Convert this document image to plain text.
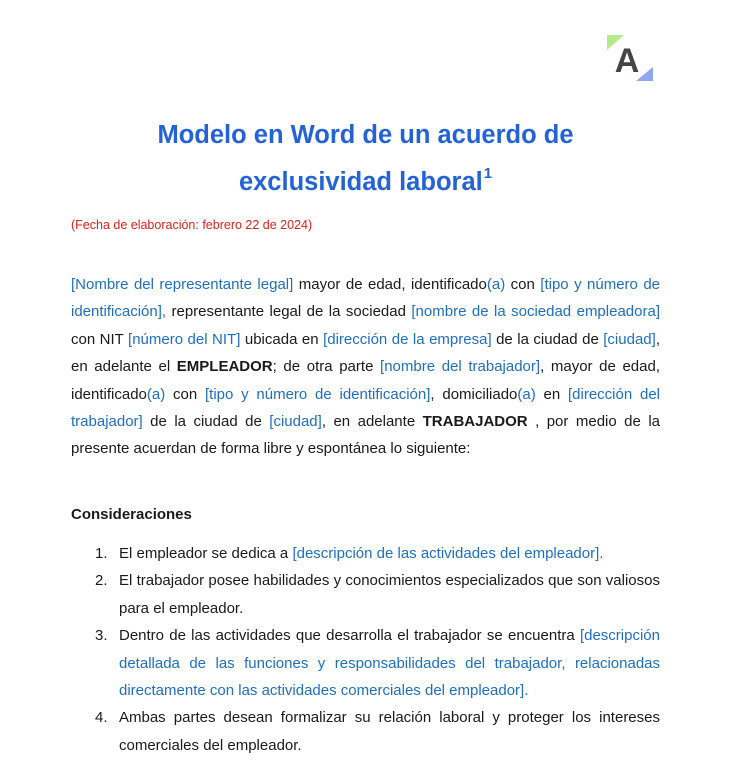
A
Modelo en Word de un acuerdo de
exclusividad laboral$^1$
(Fecha de elaboración: febrero 22 de 2024)

[Nombre del representante legal] mayor de edad, identificado(a) con [tipo y número de identificación], representante legal de la sociedad [nombre de la sociedad empleadora] con NIT [número del NIT] ubicada en [dirección de la empresa] de la ciudad de [ciudad], en adelante el EMPLEADOR; de otra parte [nombre del trabajador], mayor de edad, identificado(a) con [tipo y número de identificación], domiciliado(a) en [dirección del trabajador] de la ciudad de [ciudad], en adelante TRABAJADOR , por medio de la presente acuerdan de forma libre y espontánea lo siguiente:

Consideraciones
1. El empleador se dedica a [descripción de las actividades del empleador].
2. El trabajador posee habilidades y conocimientos especializados que son valiosos para el empleador.
3. Dentro de las actividades que desarrolla el trabajador se encuentra [descripción detallada de las funciones y responsabilidades del trabajador, relacionadas directamente con las actividades comerciales del empleador].
4. Ambas partes desean formalizar su relación laboral y proteger los intereses comerciales del empleador.
